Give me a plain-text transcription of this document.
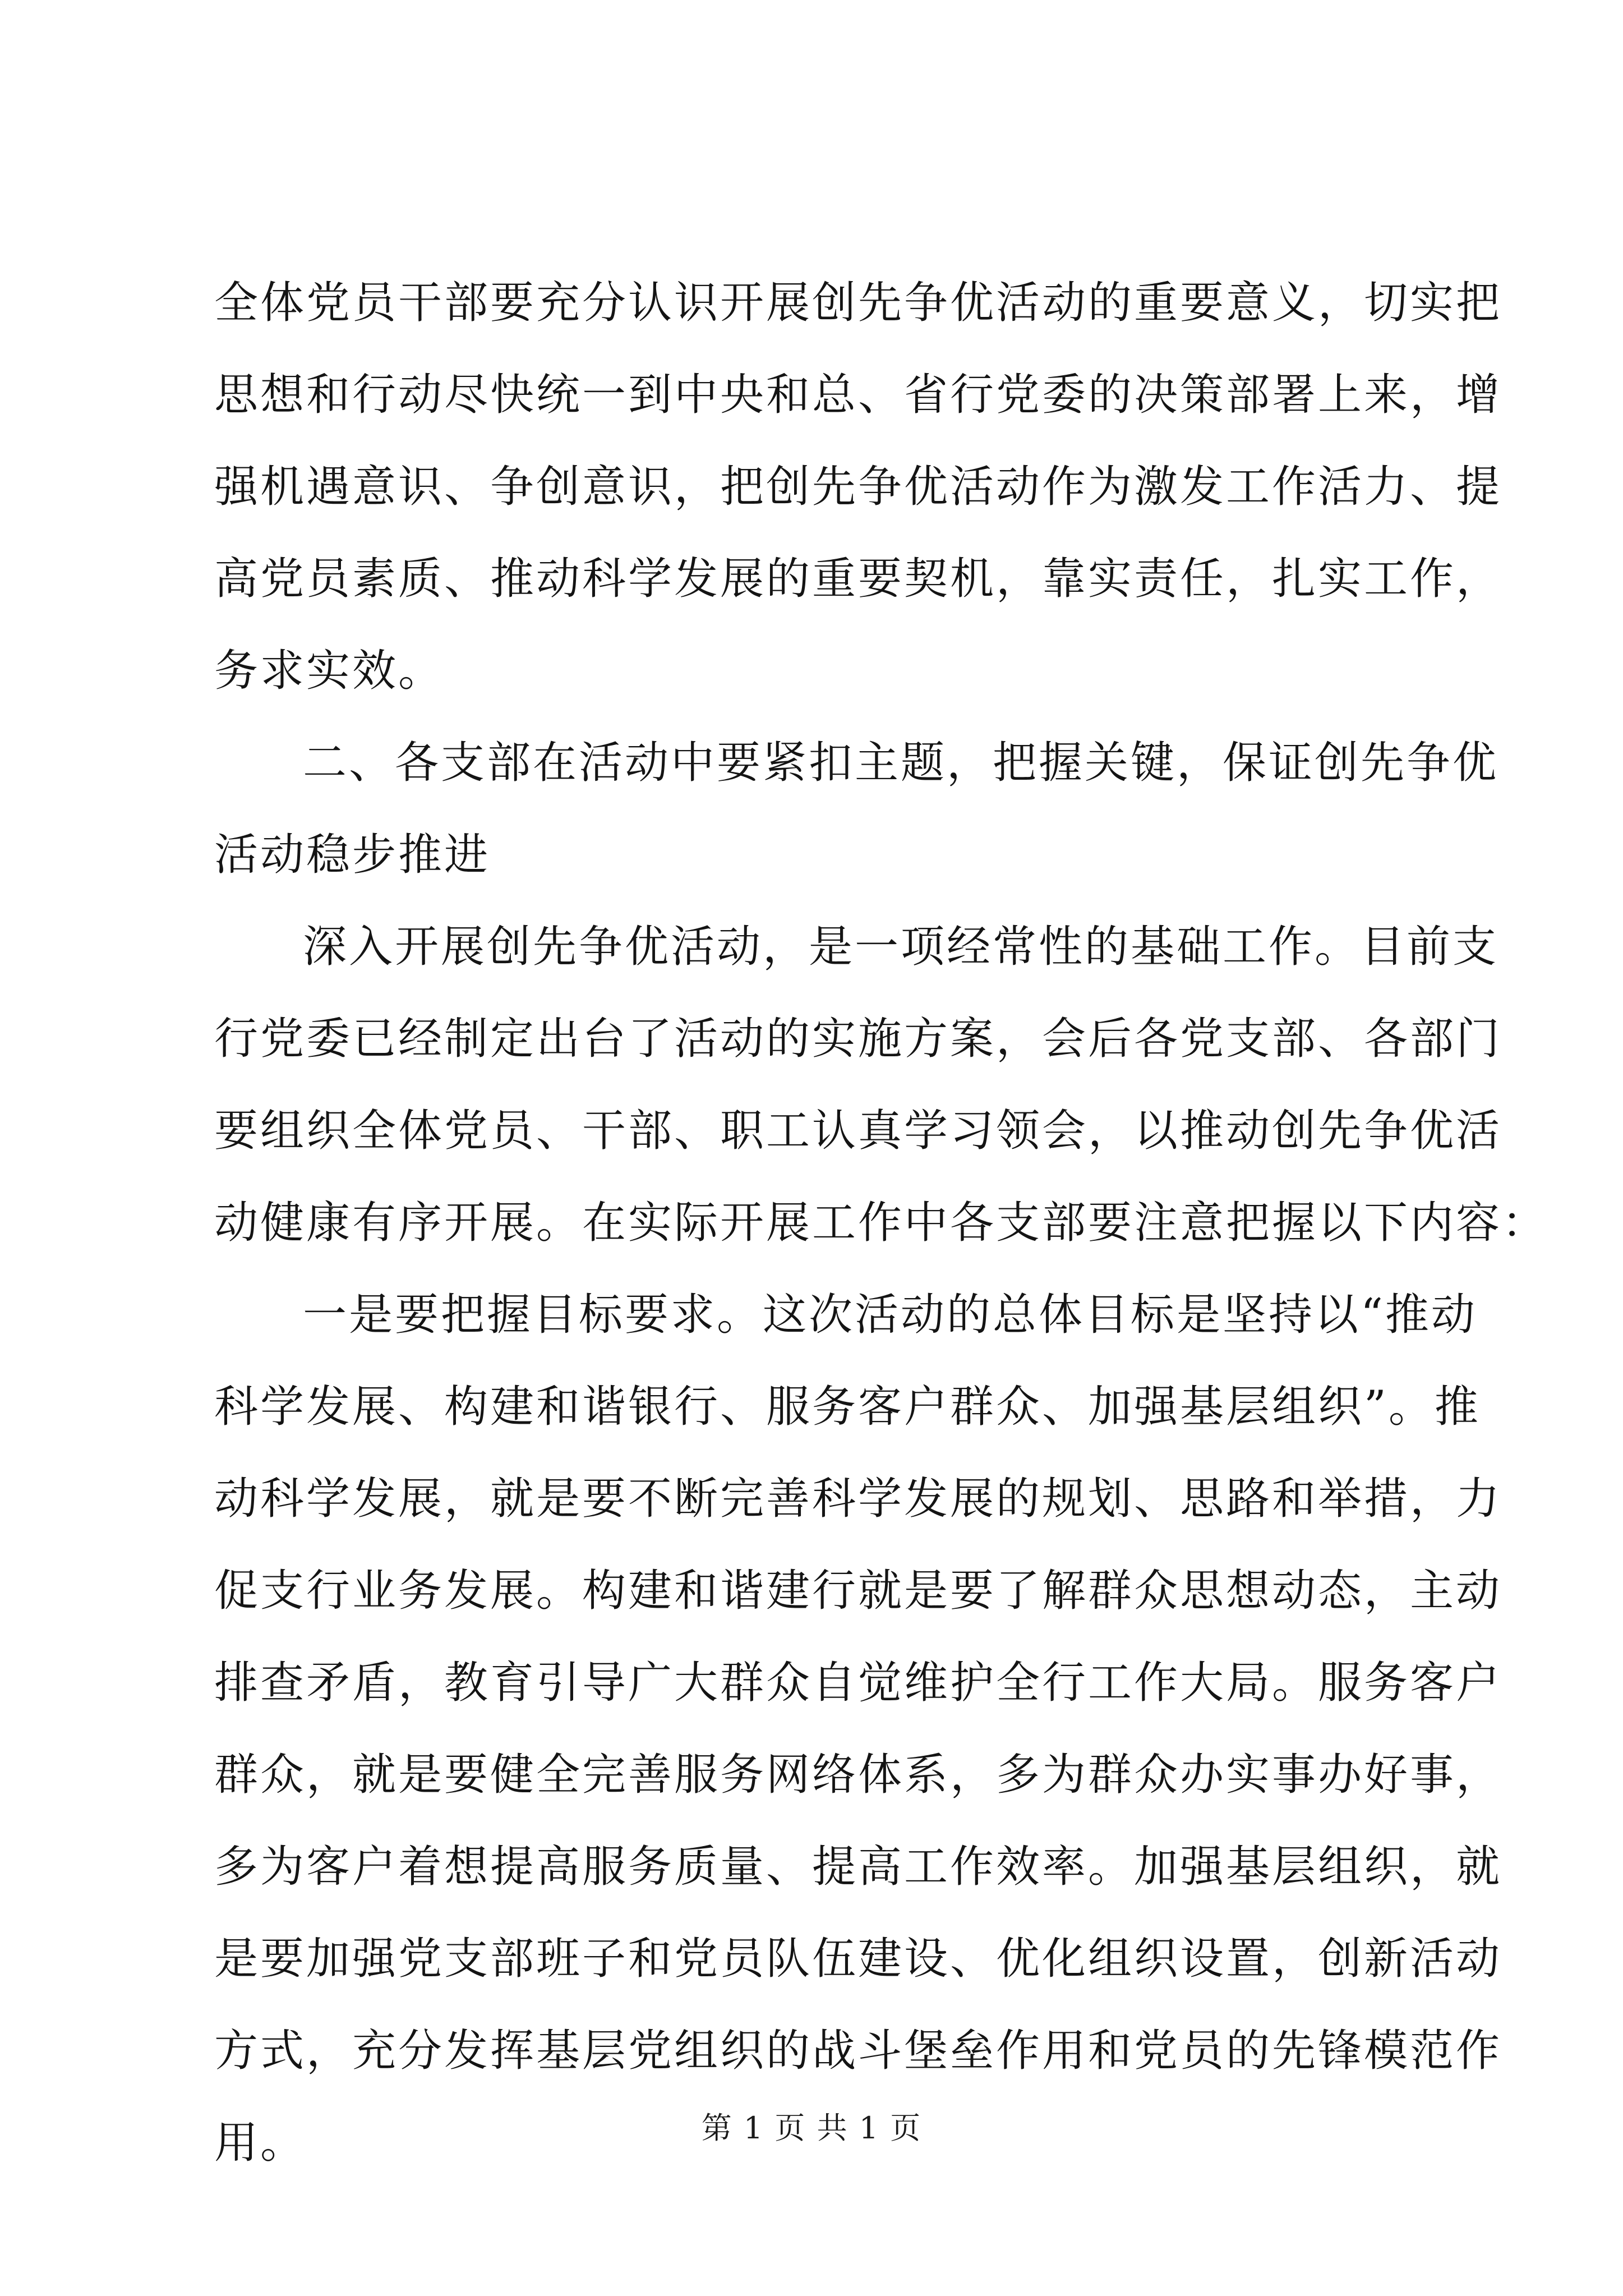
全体党员干部要充分认识开展创先争优活动的重要意义，切实把
思想和行动尽快统一到中央和总、省行党委的决策部署上来，增
强机遇意识、争创意识，把创先争优活动作为激发工作活力、提
高党员素质、推动科学发展的重要契机，靠实责任，扎实工作，
务求实效。
二、各支部在活动中要紧扣主题，把握关键，保证创先争优
活动稳步推进
深入开展创先争优活动，是一项经常性的基础工作。目前支
行党委已经制定出台了活动的实施方案，会后各党支部、各部门
要组织全体党员、干部、职工认真学习领会，以推动创先争优活
动健康有序开展。在实际开展工作中各支部要注意把握以下内容：
一是要把握目标要求。这次活动的总体目标是坚持以“推动
科学发展、构建和谐银行、服务客户群众、加强基层组织”。推
动科学发展，就是要不断完善科学发展的规划、思路和举措，力
促支行业务发展。构建和谐建行就是要了解群众思想动态，主动
排查矛盾，教育引导广大群众自觉维护全行工作大局。服务客户
群众，就是要健全完善服务网络体系，多为群众办实事办好事，
多为客户着想提高服务质量、提高工作效率。加强基层组织，就
是要加强党支部班子和党员队伍建设、优化组织设置，创新活动
方式，充分发挥基层党组织的战斗堡垒作用和党员的先锋模范作
用。	第 1 页 共 1 页
